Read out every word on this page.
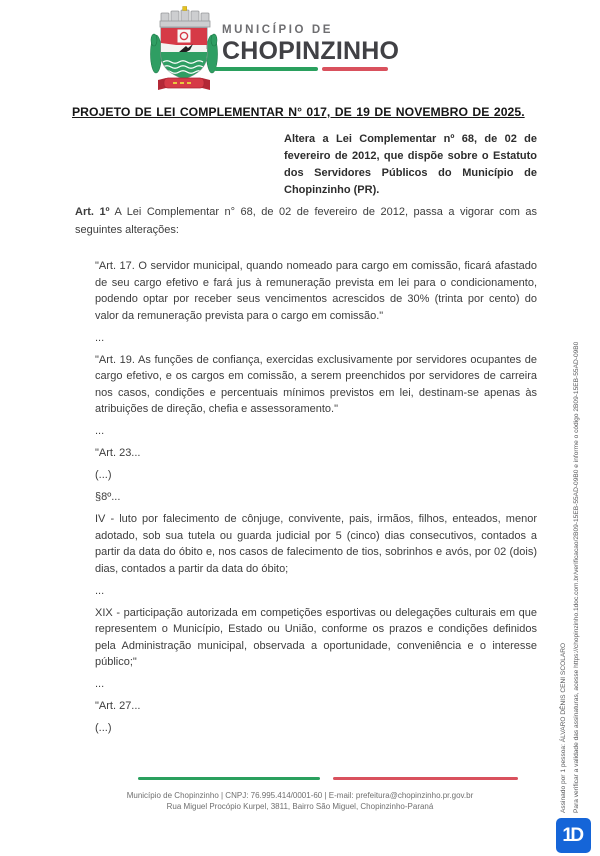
MUNICÍPIO DE
CHOPINZINHO
PROJETO DE LEI COMPLEMENTAR N° 017, DE 19 DE NOVEMBRO DE 2025.
Altera a Lei Complementar nº 68, de 02 de fevereiro de 2012, que dispõe sobre o Estatuto dos Servidores Públicos do Município de Chopinzinho (PR).
Art. 1º A Lei Complementar n° 68, de 02 de fevereiro de 2012, passa a vigorar com as seguintes alterações:

"Art. 17. O servidor municipal, quando nomeado para cargo em comissão, ficará afastado de seu cargo efetivo e fará jus à remuneração prevista em lei para o condicionamento, podendo optar por receber seus vencimentos acrescidos de 30% (trinta por cento) do valor da remuneração prevista para o cargo em comissão."

...

"Art. 19. As funções de confiança, exercidas exclusivamente por servidores ocupantes de cargo efetivo, e os cargos em comissão, a serem preenchidos por servidores de carreira nos casos, condições e percentuais mínimos previstos em lei, destinam-se apenas às atribuições de direção, chefia e assessoramento."

...

"Art. 23...

(...)

§8º...

IV - luto por falecimento de cônjuge, convivente, pais, irmãos, filhos, enteados, menor adotado, sob sua tutela ou guarda judicial por 5 (cinco) dias consecutivos, contados a partir da data do óbito e, nos casos de falecimento de tios, sobrinhos e avós, por 02 (dois) dias, contados a partir da data do óbito;

...

XIX - participação autorizada em competições esportivas ou delegações culturais em que representem o Município, Estado ou União, conforme os prazos e condições definidos pela Administração municipal, observada a oportunidade, conveniência e o interesse público;"

...

"Art. 27...

(...)

Município de Chopinzinho | CNPJ: 76.995.414/0001-60 | E-mail: prefeitura@chopinzinho.pr.gov.br
Rua Miguel Procópio Kurpel, 3811, Bairro São Miguel, Chopinzinho-Paraná	Assinado por 1 pessoa: ÁLVARO DÊNIS CENI SCOLARO Para verificar a validade das assinaturas, acesse https://chopinzinho.1doc.com.br/verificacao/2B09-15EB-55AD-09B0 e informe o código 2B09-15EB-55AD-09B0
1D
